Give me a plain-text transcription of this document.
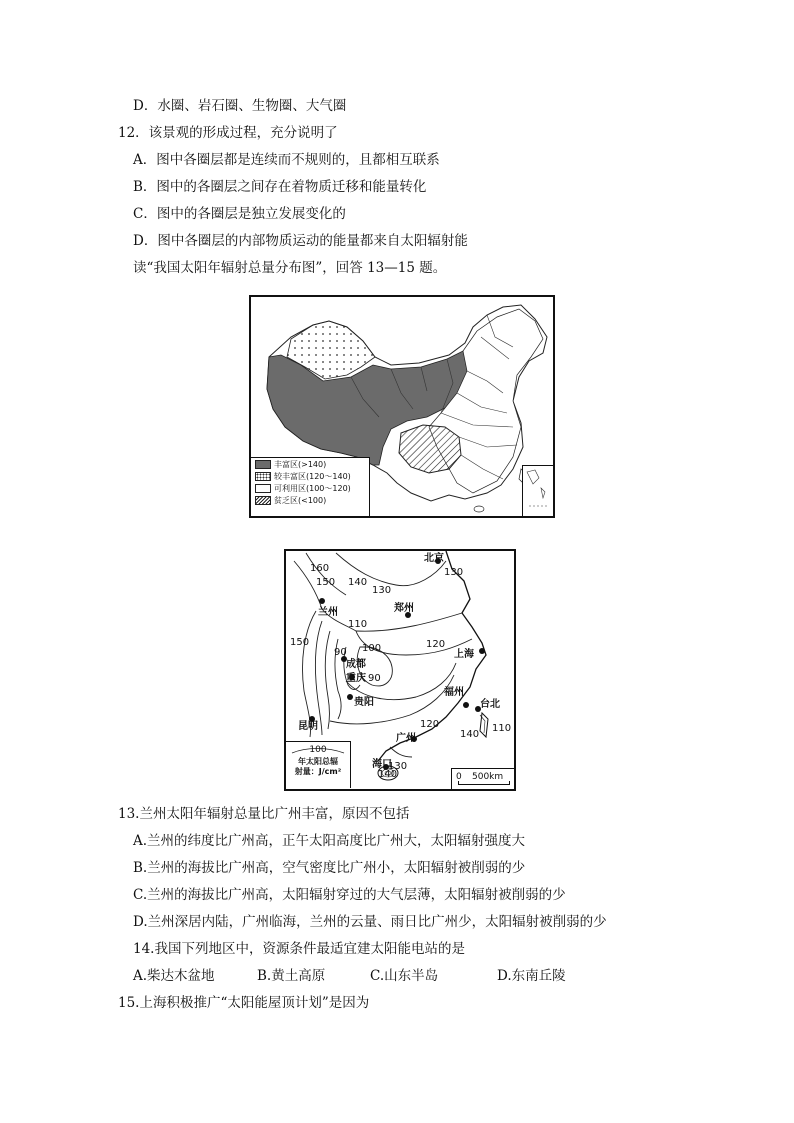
D．水圈、岩石圈、生物圈、大气圈
12．该景观的形成过程，充分说明了
A．图中各圈层都是连续而不规则的，且都相互联系
B．图中的各圈层之间存在着物质迁移和能量转化
C．图中的各圈层是独立发展变化的
D．图中各圈层的内部物质运动的能量都来自太阳辐射能
读“我国太阳年辐射总量分布图”，回答 13—15 题。
丰富区(>140)
较丰富区(120～140)
可利用区(100～120)
贫乏区(<100)
北京
兰州	郑州
成都
重庆
贵阳
上海
福州
台北
昆明
广州
海口
160
150 140
130
130
110
100	120
90
90
150
120	110
140
130
140
100
年太阳总辐
射量：J/cm²
0 500km
13.兰州太阳年辐射总量比广州丰富，原因不包括
A.兰州的纬度比广州高，正午太阳高度比广州大，太阳辐射强度大
B.兰州的海拔比广州高，空气密度比广州小，太阳辐射被削弱的少
C.兰州的海拔比广州高，太阳辐射穿过的大气层薄，太阳辐射被削弱的少
D.兰州深居内陆，广州临海，兰州的云量、雨日比广州少，太阳辐射被削弱的少
14.我国下列地区中，资源条件最适宜建太阳能电站的是
A.柴达木盆地	B.黄土高原	C.山东半岛	D.东南丘陵
15.上海积极推广“太阳能屋顶计划”是因为
